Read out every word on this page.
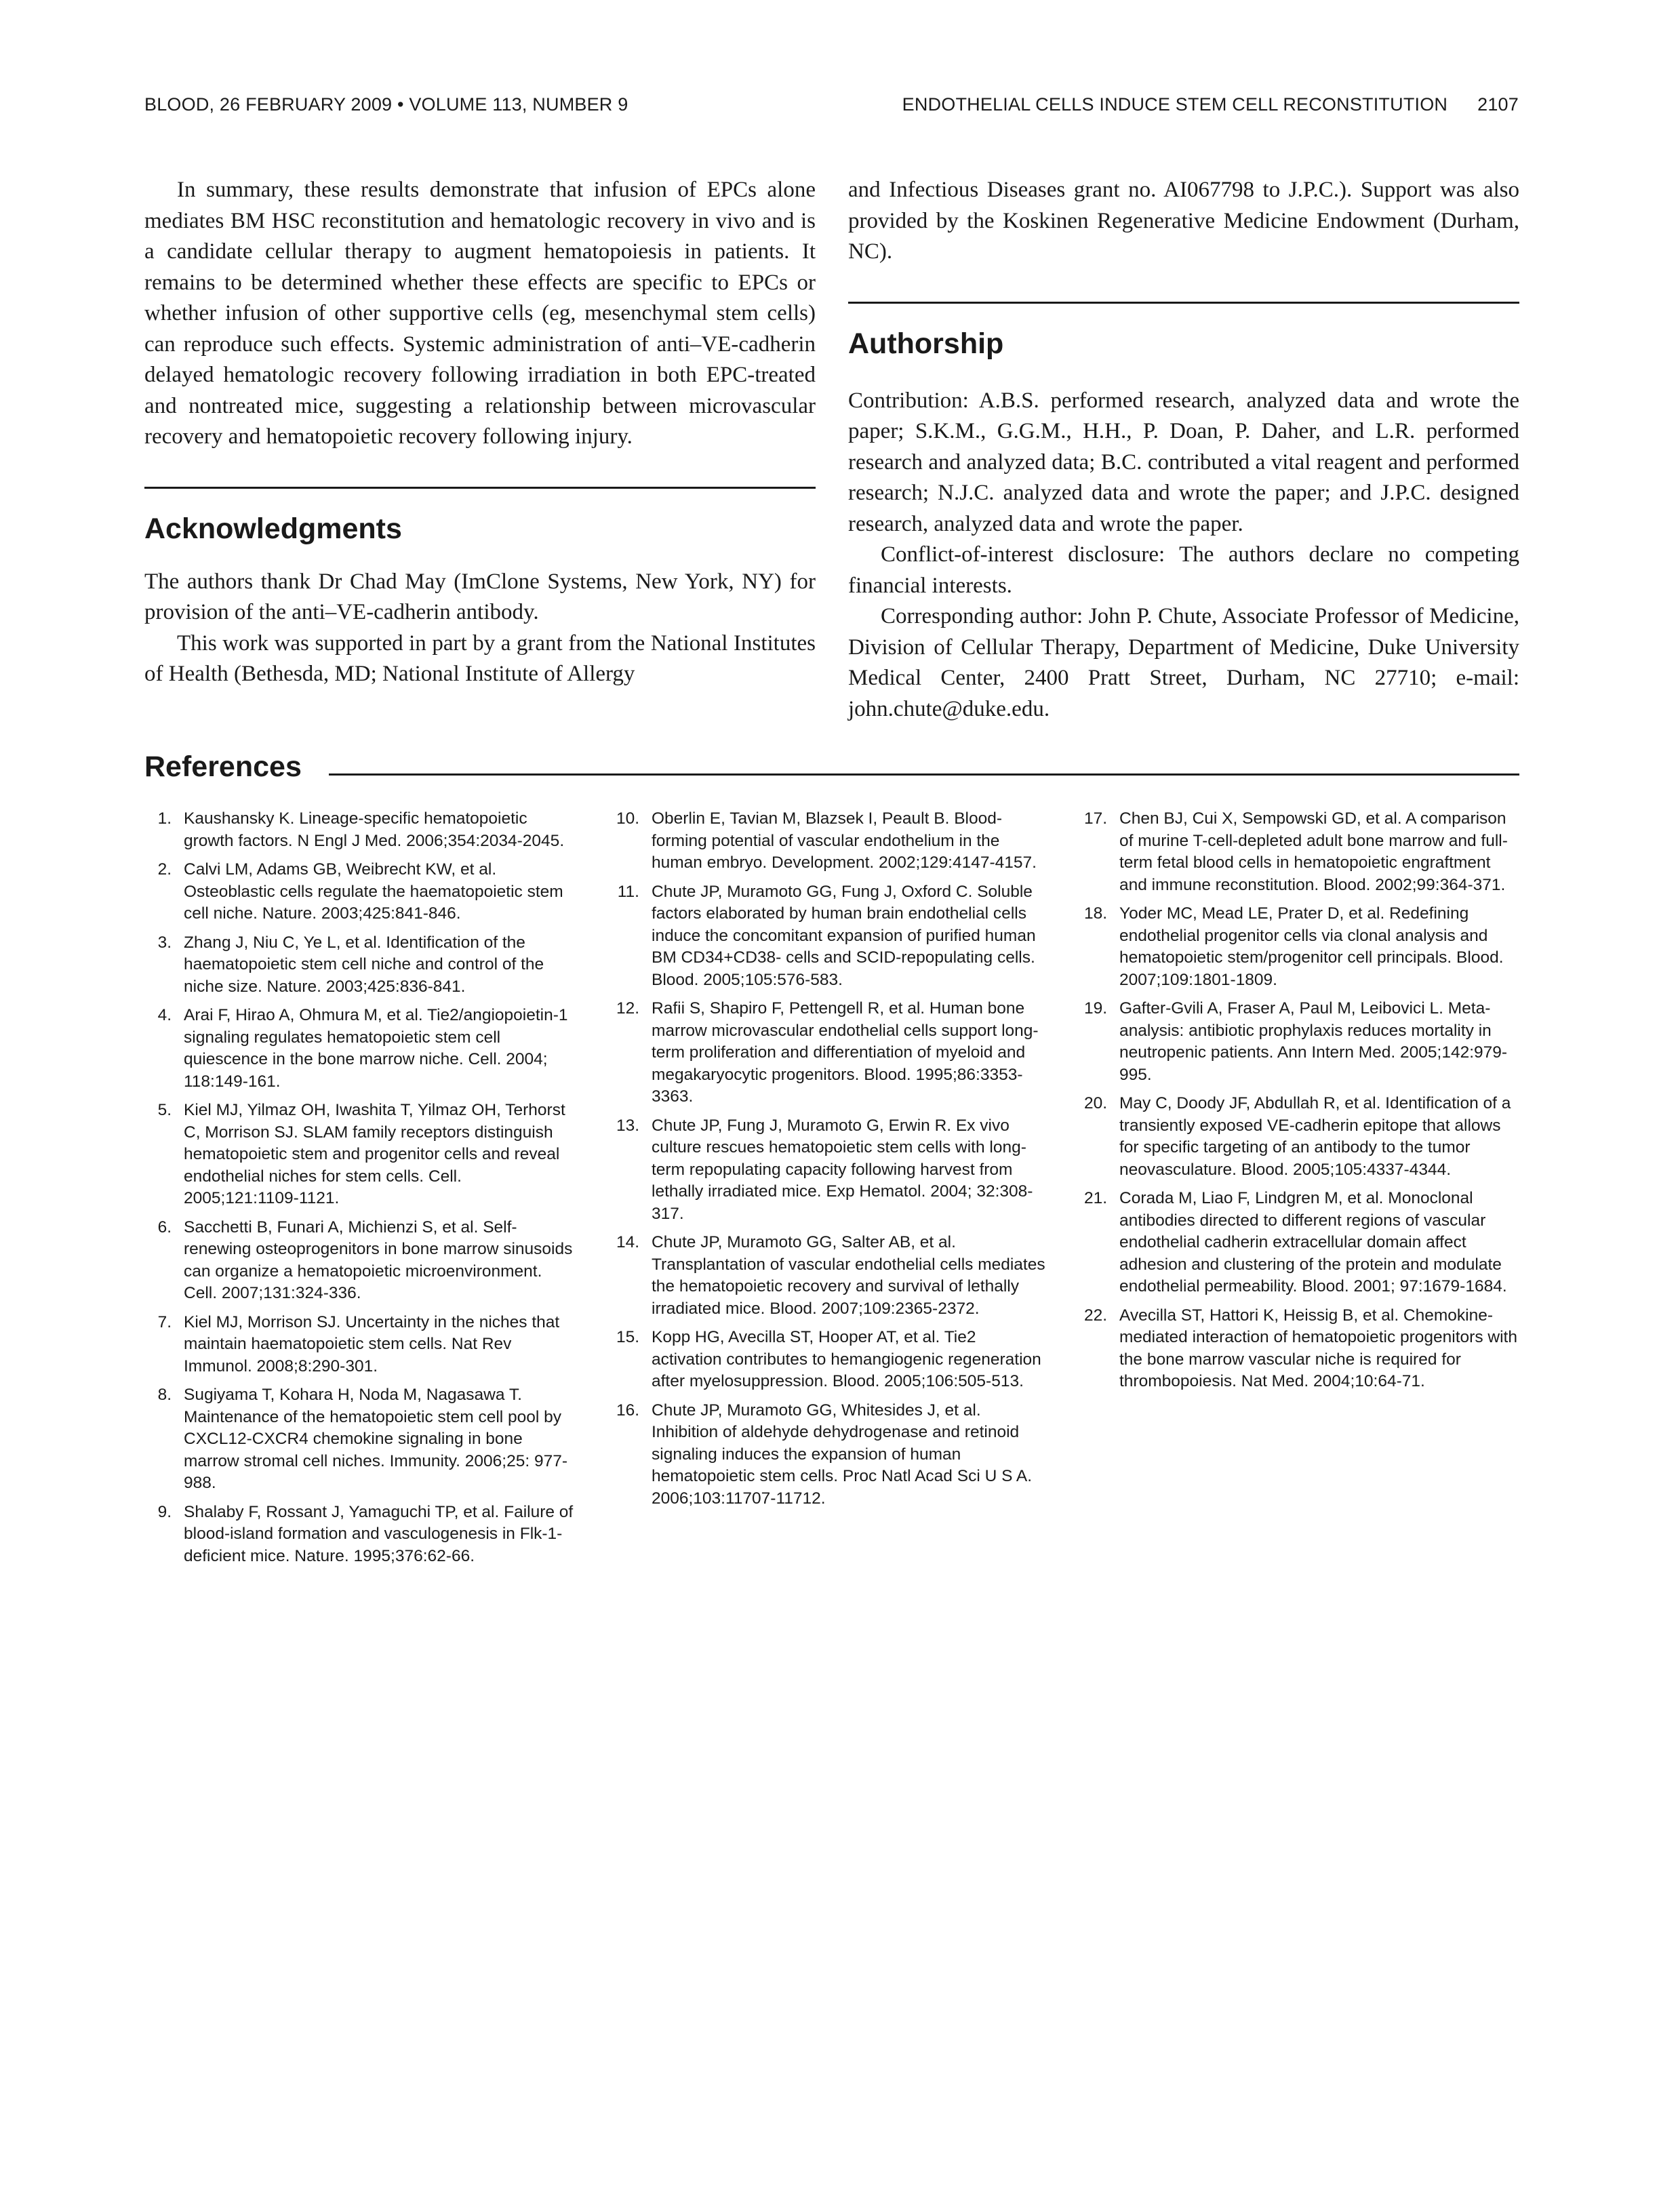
BLOOD, 26 FEBRUARY 2009 • VOLUME 113, NUMBER 9	ENDOTHELIAL CELLS INDUCE STEM CELL RECONSTITUTION 2107

In summary, these results demonstrate that infusion of EPCs alone mediates BM HSC reconstitution and hematologic recovery in vivo and is a candidate cellular therapy to augment hematopoiesis in patients. It remains to be determined whether these effects are specific to EPCs or whether infusion of other supportive cells (eg, mesenchymal stem cells) can reproduce such effects. Systemic administration of anti–VE-cadherin delayed hematologic recovery following irradiation in both EPC-treated and nontreated mice, suggesting a relationship between microvascular recovery and hematopoietic recovery following injury.

Acknowledgments

The authors thank Dr Chad May (ImClone Systems, New York, NY) for provision of the anti–VE-cadherin antibody.

This work was supported in part by a grant from the National Institutes of Health (Bethesda, MD; National Institute of Allergy

and Infectious Diseases grant no. AI067798 to J.P.C.). Support was also provided by the Koskinen Regenerative Medicine Endowment (Durham, NC).

Authorship

Contribution: A.B.S. performed research, analyzed data and wrote the paper; S.K.M., G.G.M., H.H., P. Doan, P. Daher, and L.R. performed research and analyzed data; B.C. contributed a vital reagent and performed research; N.J.C. analyzed data and wrote the paper; and J.P.C. designed research, analyzed data and wrote the paper.

Conflict-of-interest disclosure: The authors declare no competing financial interests.

Corresponding author: John P. Chute, Associate Professor of Medicine, Division of Cellular Therapy, Department of Medicine, Duke University Medical Center, 2400 Pratt Street, Durham, NC 27710; e-mail: john.chute@duke.edu.

References
1. Kaushansky K. Lineage-specific hematopoietic growth factors. N Engl J Med. 2006;354:2034-2045.
2. Calvi LM, Adams GB, Weibrecht KW, et al. Osteoblastic cells regulate the haematopoietic stem cell niche. Nature. 2003;425:841-846.
3. Zhang J, Niu C, Ye L, et al. Identification of the haematopoietic stem cell niche and control of the niche size. Nature. 2003;425:836-841.
4. Arai F, Hirao A, Ohmura M, et al. Tie2/angiopoietin-1 signaling regulates hematopoietic stem cell quiescence in the bone marrow niche. Cell. 2004; 118:149-161.
5. Kiel MJ, Yilmaz OH, Iwashita T, Yilmaz OH, Terhorst C, Morrison SJ. SLAM family receptors distinguish hematopoietic stem and progenitor cells and reveal endothelial niches for stem cells. Cell. 2005;121:1109-1121.
6. Sacchetti B, Funari A, Michienzi S, et al. Self-renewing osteoprogenitors in bone marrow sinusoids can organize a hematopoietic microenvironment. Cell. 2007;131:324-336.
7. Kiel MJ, Morrison SJ. Uncertainty in the niches that maintain haematopoietic stem cells. Nat Rev Immunol. 2008;8:290-301.
8. Sugiyama T, Kohara H, Noda M, Nagasawa T. Maintenance of the hematopoietic stem cell pool by CXCL12-CXCR4 chemokine signaling in bone marrow stromal cell niches. Immunity. 2006;25: 977-988.
9. Shalaby F, Rossant J, Yamaguchi TP, et al. Failure of blood-island formation and vasculogenesis in Flk-1-deficient mice. Nature. 1995;376:62-66.
10. Oberlin E, Tavian M, Blazsek I, Peault B. Blood-forming potential of vascular endothelium in the human embryo. Development. 2002;129:4147-4157.
11. Chute JP, Muramoto GG, Fung J, Oxford C. Soluble factors elaborated by human brain endothelial cells induce the concomitant expansion of purified human BM CD34+CD38- cells and SCID-repopulating cells. Blood. 2005;105:576-583.
12. Rafii S, Shapiro F, Pettengell R, et al. Human bone marrow microvascular endothelial cells support long-term proliferation and differentiation of myeloid and megakaryocytic progenitors. Blood. 1995;86:3353-3363.
13. Chute JP, Fung J, Muramoto G, Erwin R. Ex vivo culture rescues hematopoietic stem cells with long-term repopulating capacity following harvest from lethally irradiated mice. Exp Hematol. 2004; 32:308-317.
14. Chute JP, Muramoto GG, Salter AB, et al. Transplantation of vascular endothelial cells mediates the hematopoietic recovery and survival of lethally irradiated mice. Blood. 2007;109:2365-2372.
15. Kopp HG, Avecilla ST, Hooper AT, et al. Tie2 activation contributes to hemangiogenic regeneration after myelosuppression. Blood. 2005;106:505-513.
16. Chute JP, Muramoto GG, Whitesides J, et al. Inhibition of aldehyde dehydrogenase and retinoid signaling induces the expansion of human hematopoietic stem cells. Proc Natl Acad Sci U S A. 2006;103:11707-11712.
17. Chen BJ, Cui X, Sempowski GD, et al. A comparison of murine T-cell-depleted adult bone marrow and full-term fetal blood cells in hematopoietic engraftment and immune reconstitution. Blood. 2002;99:364-371.
18. Yoder MC, Mead LE, Prater D, et al. Redefining endothelial progenitor cells via clonal analysis and hematopoietic stem/progenitor cell principals. Blood. 2007;109:1801-1809.
19. Gafter-Gvili A, Fraser A, Paul M, Leibovici L. Meta-analysis: antibiotic prophylaxis reduces mortality in neutropenic patients. Ann Intern Med. 2005;142:979-995.
20. May C, Doody JF, Abdullah R, et al. Identification of a transiently exposed VE-cadherin epitope that allows for specific targeting of an antibody to the tumor neovasculature. Blood. 2005;105:4337-4344.
21. Corada M, Liao F, Lindgren M, et al. Monoclonal antibodies directed to different regions of vascular endothelial cadherin extracellular domain affect adhesion and clustering of the protein and modulate endothelial permeability. Blood. 2001; 97:1679-1684.
22. Avecilla ST, Hattori K, Heissig B, et al. Chemokine-mediated interaction of hematopoietic progenitors with the bone marrow vascular niche is required for thrombopoiesis. Nat Med. 2004;10:64-71.
